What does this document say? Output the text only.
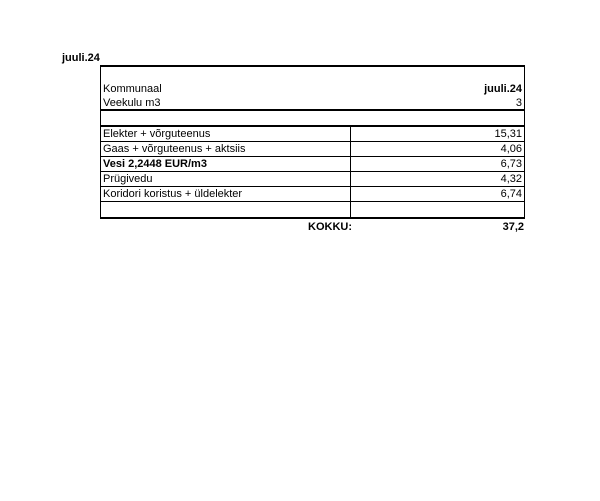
juuli.24
Kommunaal	juuli.24
Veekulu m3	3
Elekter + võrguteenus	15,31
Gaas + võrguteenus + aktsiis	4,06
Vesi 2,2448 EUR/m3	6,73
Prügivedu	4,32
Koridori koristus + üldelekter	6,74
KOKKU:	37,2
